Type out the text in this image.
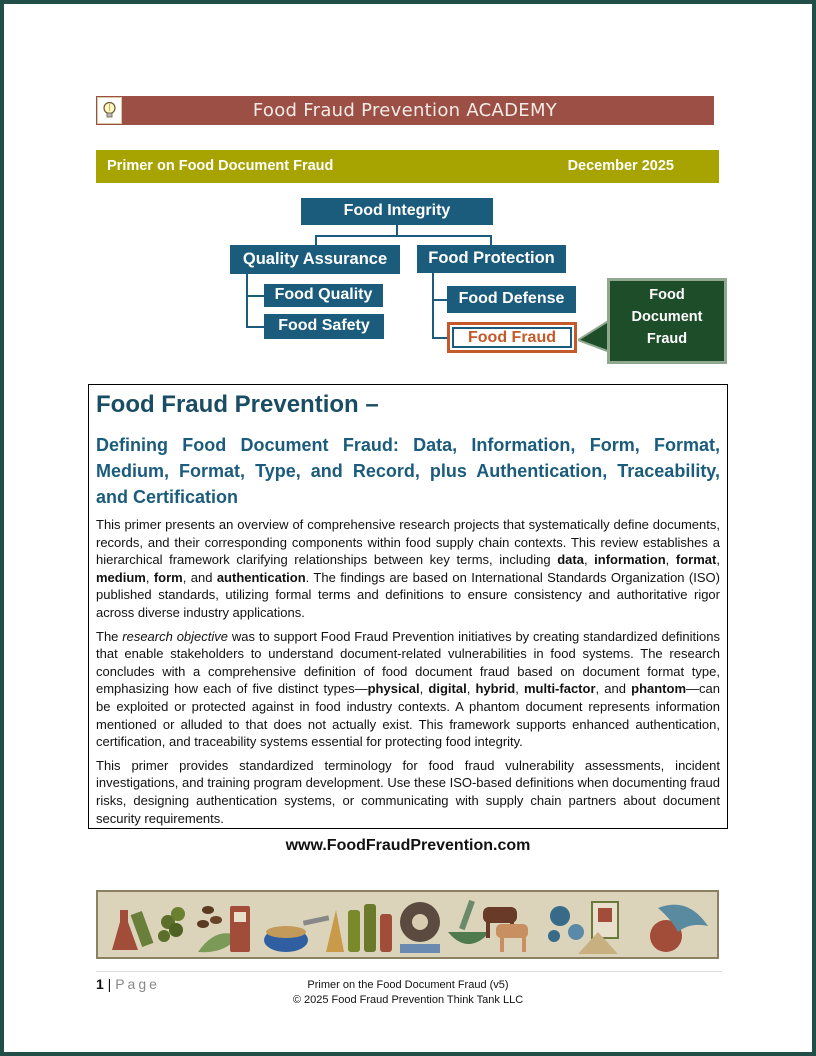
Food Fraud Prevention ACADEMY
Primer on Food Document Fraud	December 2025
Food Integrity
Quality Assurance	Food Protection
Food Quality
Food Safety
Food Defense
Food Fraud
Food
Document
Fraud
Food Fraud Prevention –
Defining Food Document Fraud: Data, Information, Form, Format, Medium, Format, Type, and Record, plus Authentication, Traceability, and Certification

This primer presents an overview of comprehensive research projects that systematically define documents, records, and their corresponding components within food supply chain contexts. This review establishes a hierarchical framework clarifying relationships between key terms, including data, information, format, medium, form, and authentication. The findings are based on International Standards Organization (ISO) published standards, utilizing formal terms and definitions to ensure consistency and authoritative rigor across diverse industry applications.

The research objective was to support Food Fraud Prevention initiatives by creating standardized definitions that enable stakeholders to understand document-related vulnerabilities in food systems. The research concludes with a comprehensive definition of food document fraud based on document format type, emphasizing how each of five distinct types—physical, digital, hybrid, multi-factor, and phantom—can be exploited or protected against in food industry contexts. A phantom document represents information mentioned or alluded to that does not actually exist. This framework supports enhanced authentication, certification, and traceability systems essential for protecting food integrity.

This primer provides standardized terminology for food fraud vulnerability assessments, incident investigations, and training program development. Use these ISO-based definitions when documenting fraud risks, designing authentication systems, or communicating with supply chain partners about document security requirements.

www.FoodFraudPrevention.com
1 | Page	Primer on the Food Document Fraud (v5)
© 2025 Food Fraud Prevention Think Tank LLC
